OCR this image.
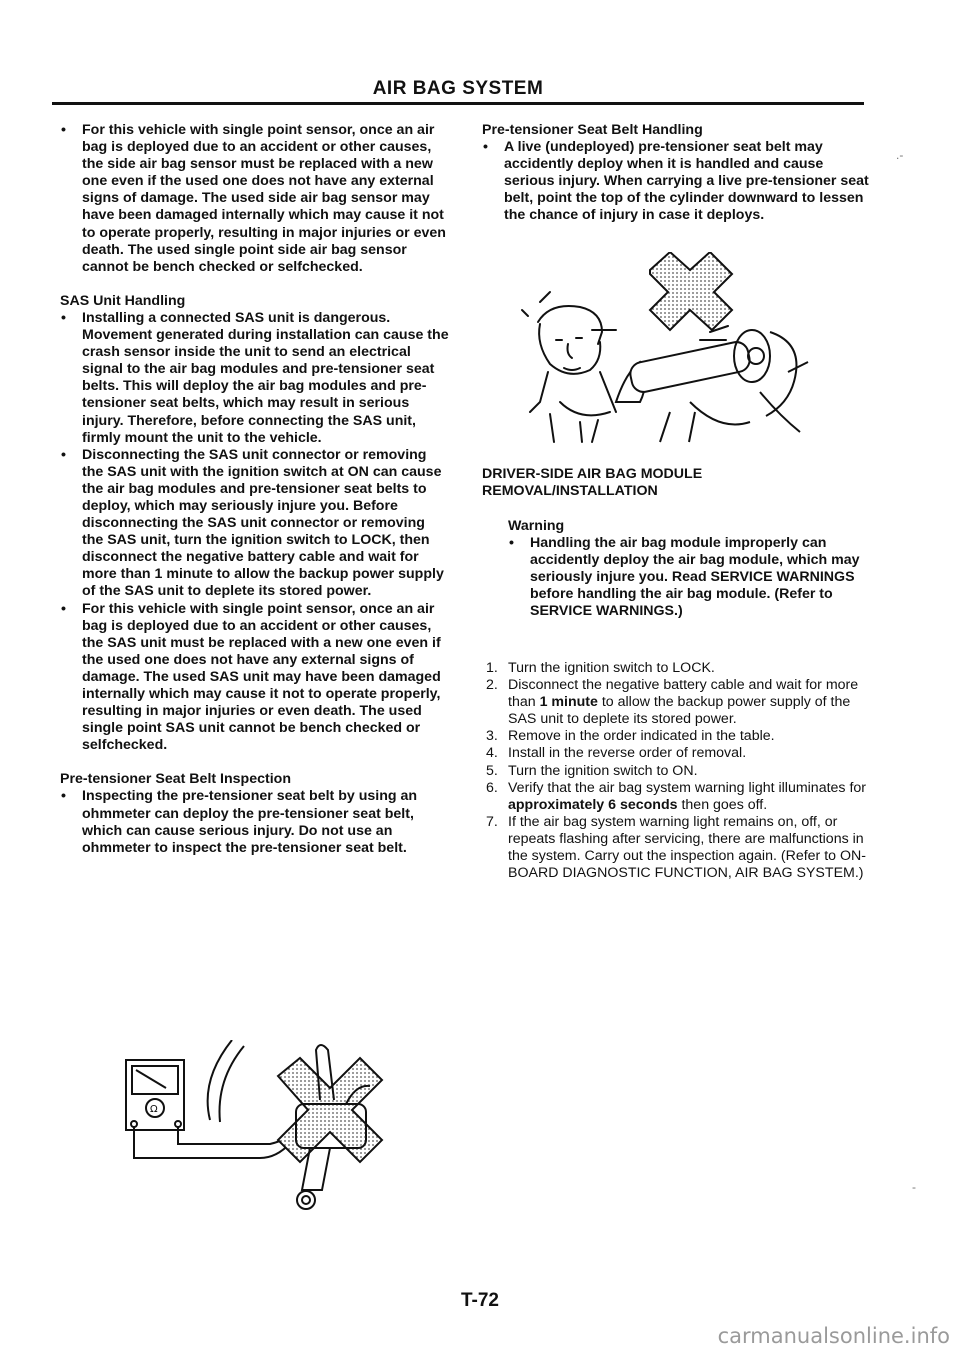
AIR BAG SYSTEM
• For this vehicle with single point sensor, once an air bag is deployed due to an accident or other causes, the side air bag sensor must be replaced with a new one even if the used one does not have any external signs of damage. The used side air bag sensor may have been damaged internally which may cause it not to operate properly, resulting in major injuries or even death. The used single point side air bag sensor cannot be bench checked or selfchecked.
SAS Unit Handling
• Installing a connected SAS unit is dangerous. Movement generated during installation can cause the crash sensor inside the unit to send an electrical signal to the air bag modules and pre-tensioner seat belts. This will deploy the air bag modules and pre-tensioner seat belts, which may result in serious injury. Therefore, before connecting the SAS unit, firmly mount the unit to the vehicle.
• Disconnecting the SAS unit connector or removing the SAS unit with the ignition switch at ON can cause the air bag modules and pre-tensioner seat belts to deploy, which may seriously injure you. Before disconnecting the SAS unit connector or removing the SAS unit, turn the ignition switch to LOCK, then disconnect the negative battery cable and wait for more than 1 minute to allow the backup power supply of the SAS unit to deplete its stored power.
• For this vehicle with single point sensor, once an air bag is deployed due to an accident or other causes, the SAS unit must be replaced with a new one even if the used one does not have any external signs of damage. The used SAS unit may have been damaged internally which may cause it not to operate properly, resulting in major injuries or even death. The used single point SAS unit cannot be bench checked or selfchecked.
Pre-tensioner Seat Belt Inspection
• Inspecting the pre-tensioner seat belt by using an ohmmeter can deploy the pre-tensioner seat belt, which can cause serious injury. Do not use an ohmmeter to inspect the pre-tensioner seat belt.
Pre-tensioner Seat Belt Handling
• A live (undeployed) pre-tensioner seat belt may accidently deploy when it is handled and cause serious injury. When carrying a live pre-tensioner seat belt, point the top of the cylinder downward to lessen the chance of injury in case it deploys.
DRIVER-SIDE AIR BAG MODULE
REMOVAL/INSTALLATION
Warning
• Handling the air bag module improperly can accidently deploy the air bag module, which may seriously injure you. Read SERVICE WARNINGS before handling the air bag module. (Refer to SERVICE WARNINGS.)
1. Turn the ignition switch to LOCK.
2. Disconnect the negative battery cable and wait for more than 1 minute to allow the backup power supply of the SAS unit to deplete its stored power.
3. Remove in the order indicated in the table.
4. Install in the reverse order of removal.
5. Turn the ignition switch to ON.
6. Verify that the air bag system warning light illuminates for approximately 6 seconds then goes off.
7. If the air bag system warning light remains on, off, or repeats flashing after servicing, there are malfunctions in the system. Carry out the inspection again. (Refer to ON-BOARD DIAGNOSTIC FUNCTION, AIR BAG SYSTEM.)
Ω
.-
-
T-72
carmanualsonline.info
